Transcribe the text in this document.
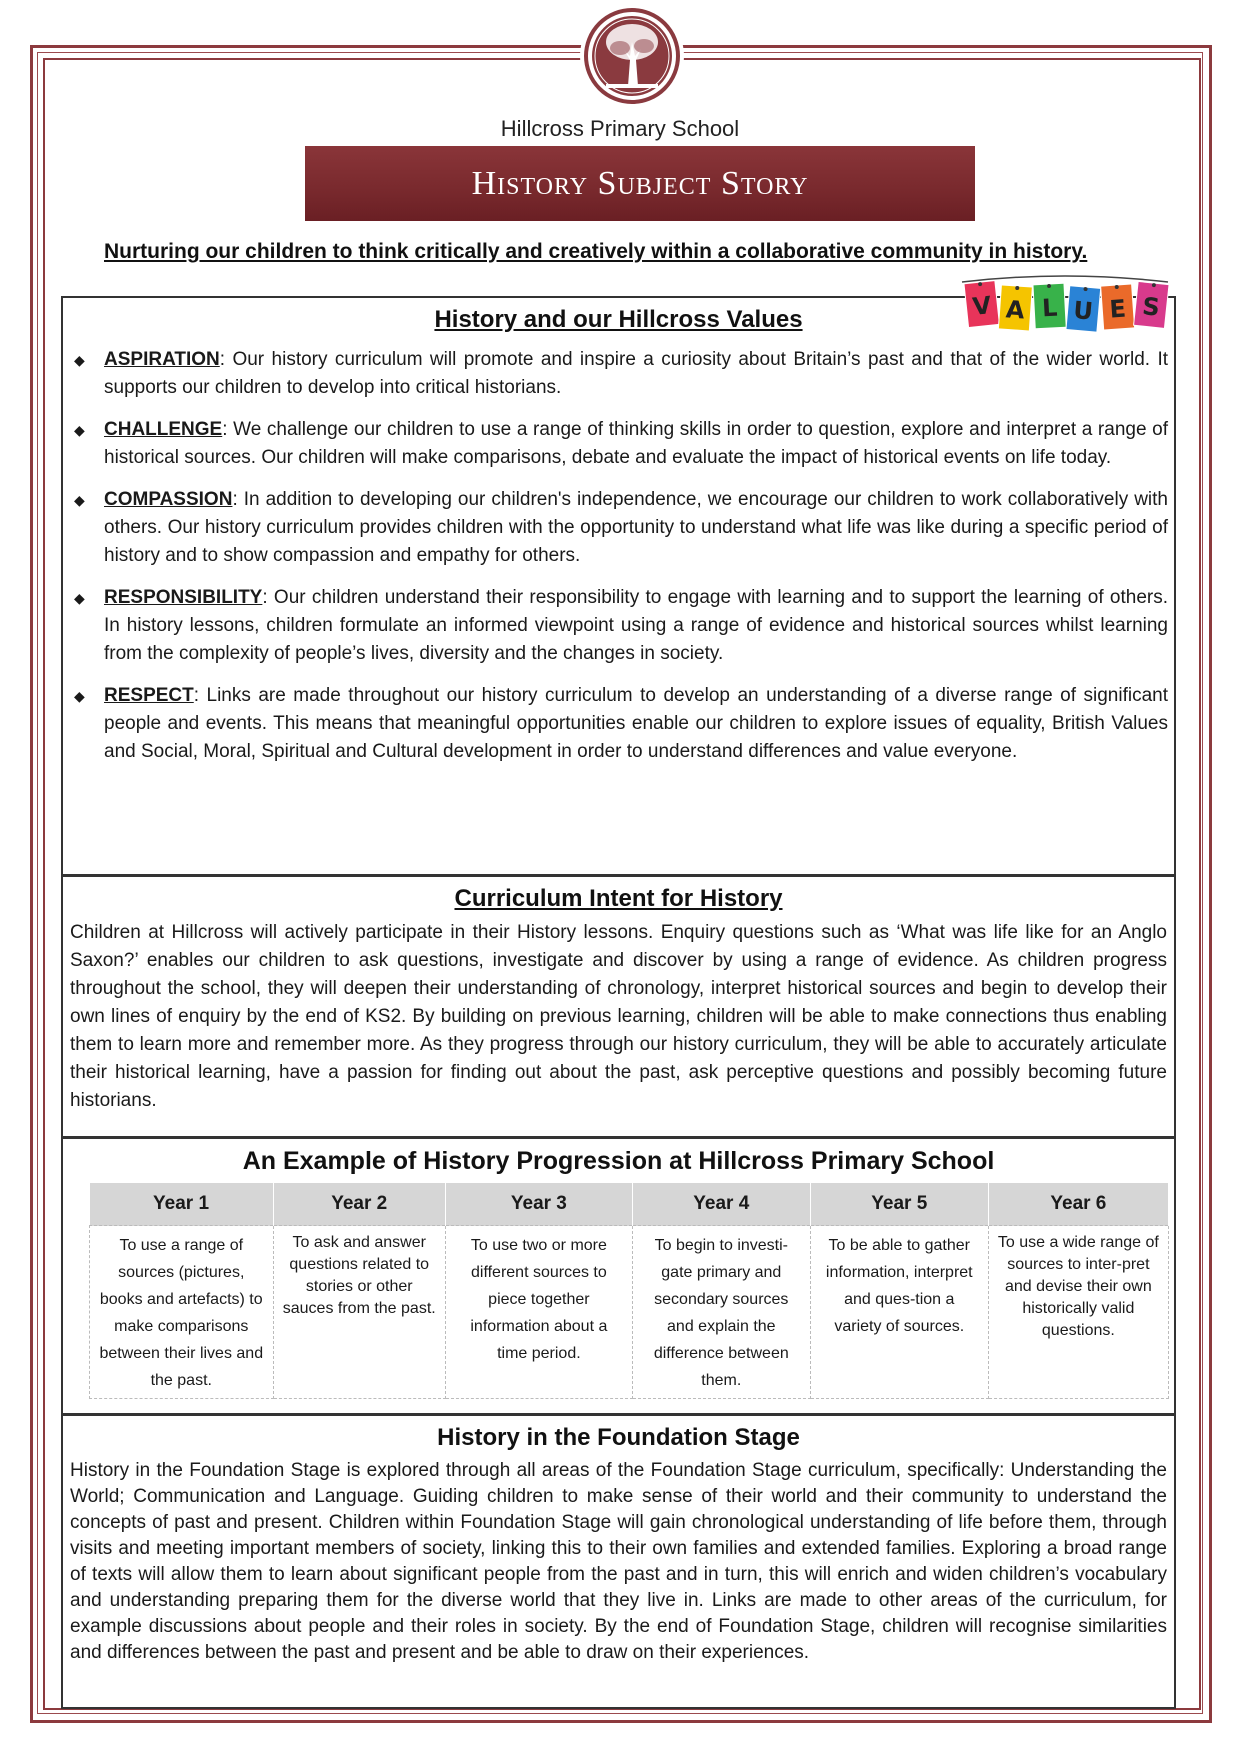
Hillcross Primary School
History Subject Story
Nurturing our children to think critically and creatively within a collaborative community in history.
History and our Hillcross Values
◆ ASPIRATION: Our history curriculum will promote and inspire a curiosity about Britain’s past and that of the wider world. It supports our children to develop into critical historians.
◆ CHALLENGE: We challenge our children to use a range of thinking skills in order to question, explore and interpret a range of historical sources. Our children will make comparisons, debate and evaluate the impact of historical events on life today.
◆ COMPASSION: In addition to developing our children's independence, we encourage our children to work collaboratively with others. Our history curriculum provides children with the opportunity to understand what life was like during a specific period of history and to show compassion and empathy for others.
◆ RESPONSIBILITY: Our children understand their responsibility to engage with learning and to support the learning of others. In history lessons, children formulate an informed viewpoint using a range of evidence and historical sources whilst learning from the complexity of people’s lives, diversity and the changes in society.
◆ RESPECT: Links are made throughout our history curriculum to develop an understanding of a diverse range of significant people and events. This means that meaningful opportunities enable our children to explore issues of equality, British Values and Social, Moral, Spiritual and Cultural development in order to understand differences and value everyone.
V A L U E S
Curriculum Intent for History

Children at Hillcross will actively participate in their History lessons. Enquiry questions such as ‘What was life like for an Anglo Saxon?’ enables our children to ask questions, investigate and discover by using a range of evidence. As children progress throughout the school, they will deepen their understanding of chronology, interpret historical sources and begin to develop their own lines of enquiry by the end of KS2. By building on previous learning, children will be able to make connections thus enabling them to learn more and remember more. As they progress through our history curriculum, they will be able to accurately articulate their historical learning, have a passion for finding out about the past, ask perceptive questions and possibly becoming future historians.

An Example of History Progression at Hillcross Primary School
Year 1	Year 2	Year 3	Year 4	Year 5	Year 6
To use a range of sources (pictures, books and artefacts) to make comparisons between their lives and the past.	To ask and answer questions related to stories or other sauces from the past.	To use two or more different sources to piece together information about a time period.	To begin to investi-gate primary and secondary sources and explain the difference between them.	To be able to gather information, interpret and ques-tion a variety of sources.	To use a wide range of sources to inter-pret and devise their own historically valid questions.
History in the Foundation Stage

History in the Foundation Stage is explored through all areas of the Foundation Stage curriculum, specifically: Understanding the World; Communication and Language. Guiding children to make sense of their world and their community to understand the concepts of past and present. Children within Foundation Stage will gain chronological understanding of life before them, through visits and meeting important members of society, linking this to their own families and extended families. Exploring a broad range of texts will allow them to learn about significant people from the past and in turn, this will enrich and widen children’s vocabulary and understanding preparing them for the diverse world that they live in. Links are made to other areas of the curriculum, for example discussions about people and their roles in society. By the end of Foundation Stage, children will recognise similarities and differences between the past and present and be able to draw on their experiences.
